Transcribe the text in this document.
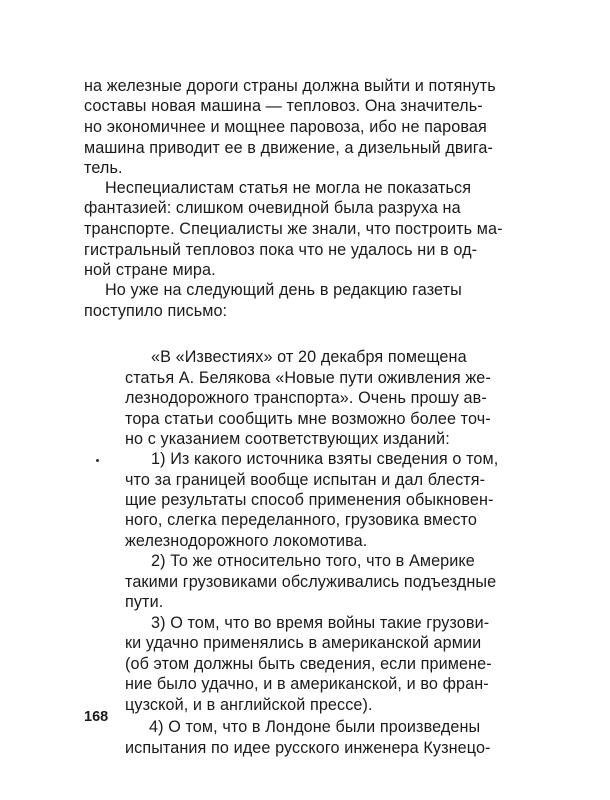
на железные дороги страны должна выйти и потянуть
составы новая машина — тепловоз. Она значитель-
но экономичнее и мощнее паровоза, ибо не паровая
машина приводит ее в движение, а дизельный двига-
тель.
Неспециалистам статья не могла не показаться
фантазией: слишком очевидной была разруха на
транспорте. Специалисты же знали, что построить ма-
гистральный тепловоз пока что не удалось ни в од-
ной стране мира.
Но уже на следующий день в редакцию газеты
поступило письмо:
«В «Известиях» от 20 декабря помещена
статья А. Белякова «Новые пути оживления же-
лезнодорожного транспорта». Очень прошу ав-
тора статьи сообщить мне возможно более точ-
но с указанием соответствующих изданий:
1) Из какого источника взяты сведения о том,
что за границей вообще испытан и дал блестя-
щие результаты способ применения обыкновен-
ного, слегка переделанного, грузовика вместо
железнодорожного локомотива.
2) То же относительно того, что в Америке
такими грузовиками обслуживались подъездные
пути.
3) О том, что во время войны такие грузови-
ки удачно применялись в американской армии
(об этом должны быть сведения, если примене-
ние было удачно, и в американской, и во фран-
цузской, и в английской прессе).
4) О том, что в Лондоне были произведены
испытания по идее русского инженера Кузнецо-
168
